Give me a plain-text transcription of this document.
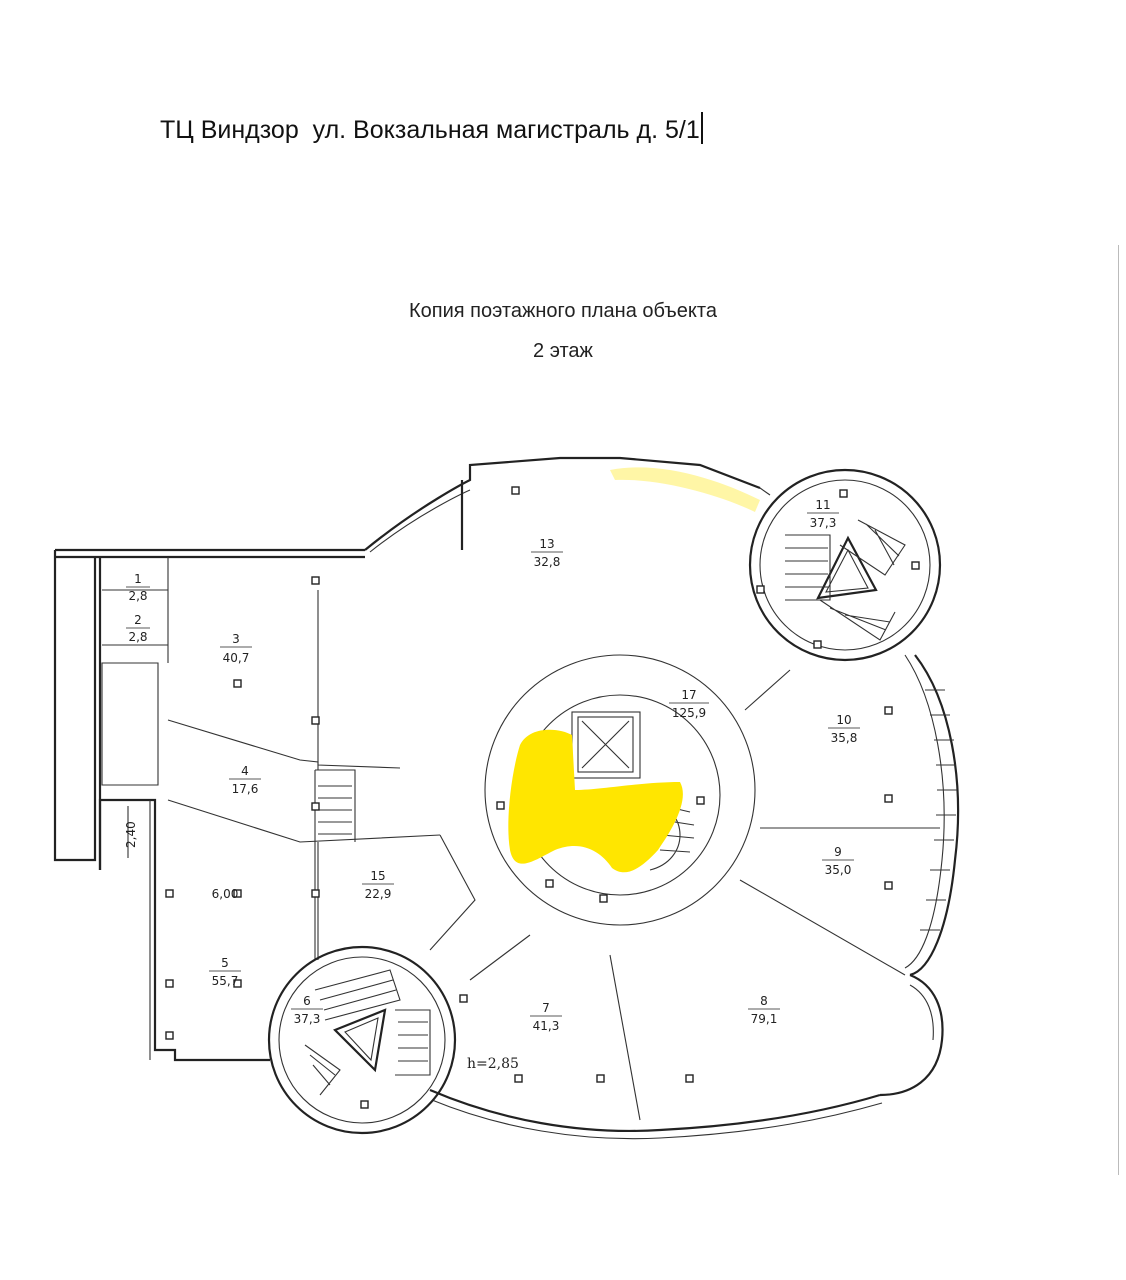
ТЦ Виндзор  ул. Вокзальная магистраль д. 5/1
Копия поэтажного плана объекта
2 этаж
2,40
1
2,8
2
2,8	3
40,7
4
17,6
6,00
5
55,7
6
37,3
7
41,3
8
79,1
9
35,0
10
35,8
11
37,3
13
32,8
15
22,9
17
125,9
h=2,85
